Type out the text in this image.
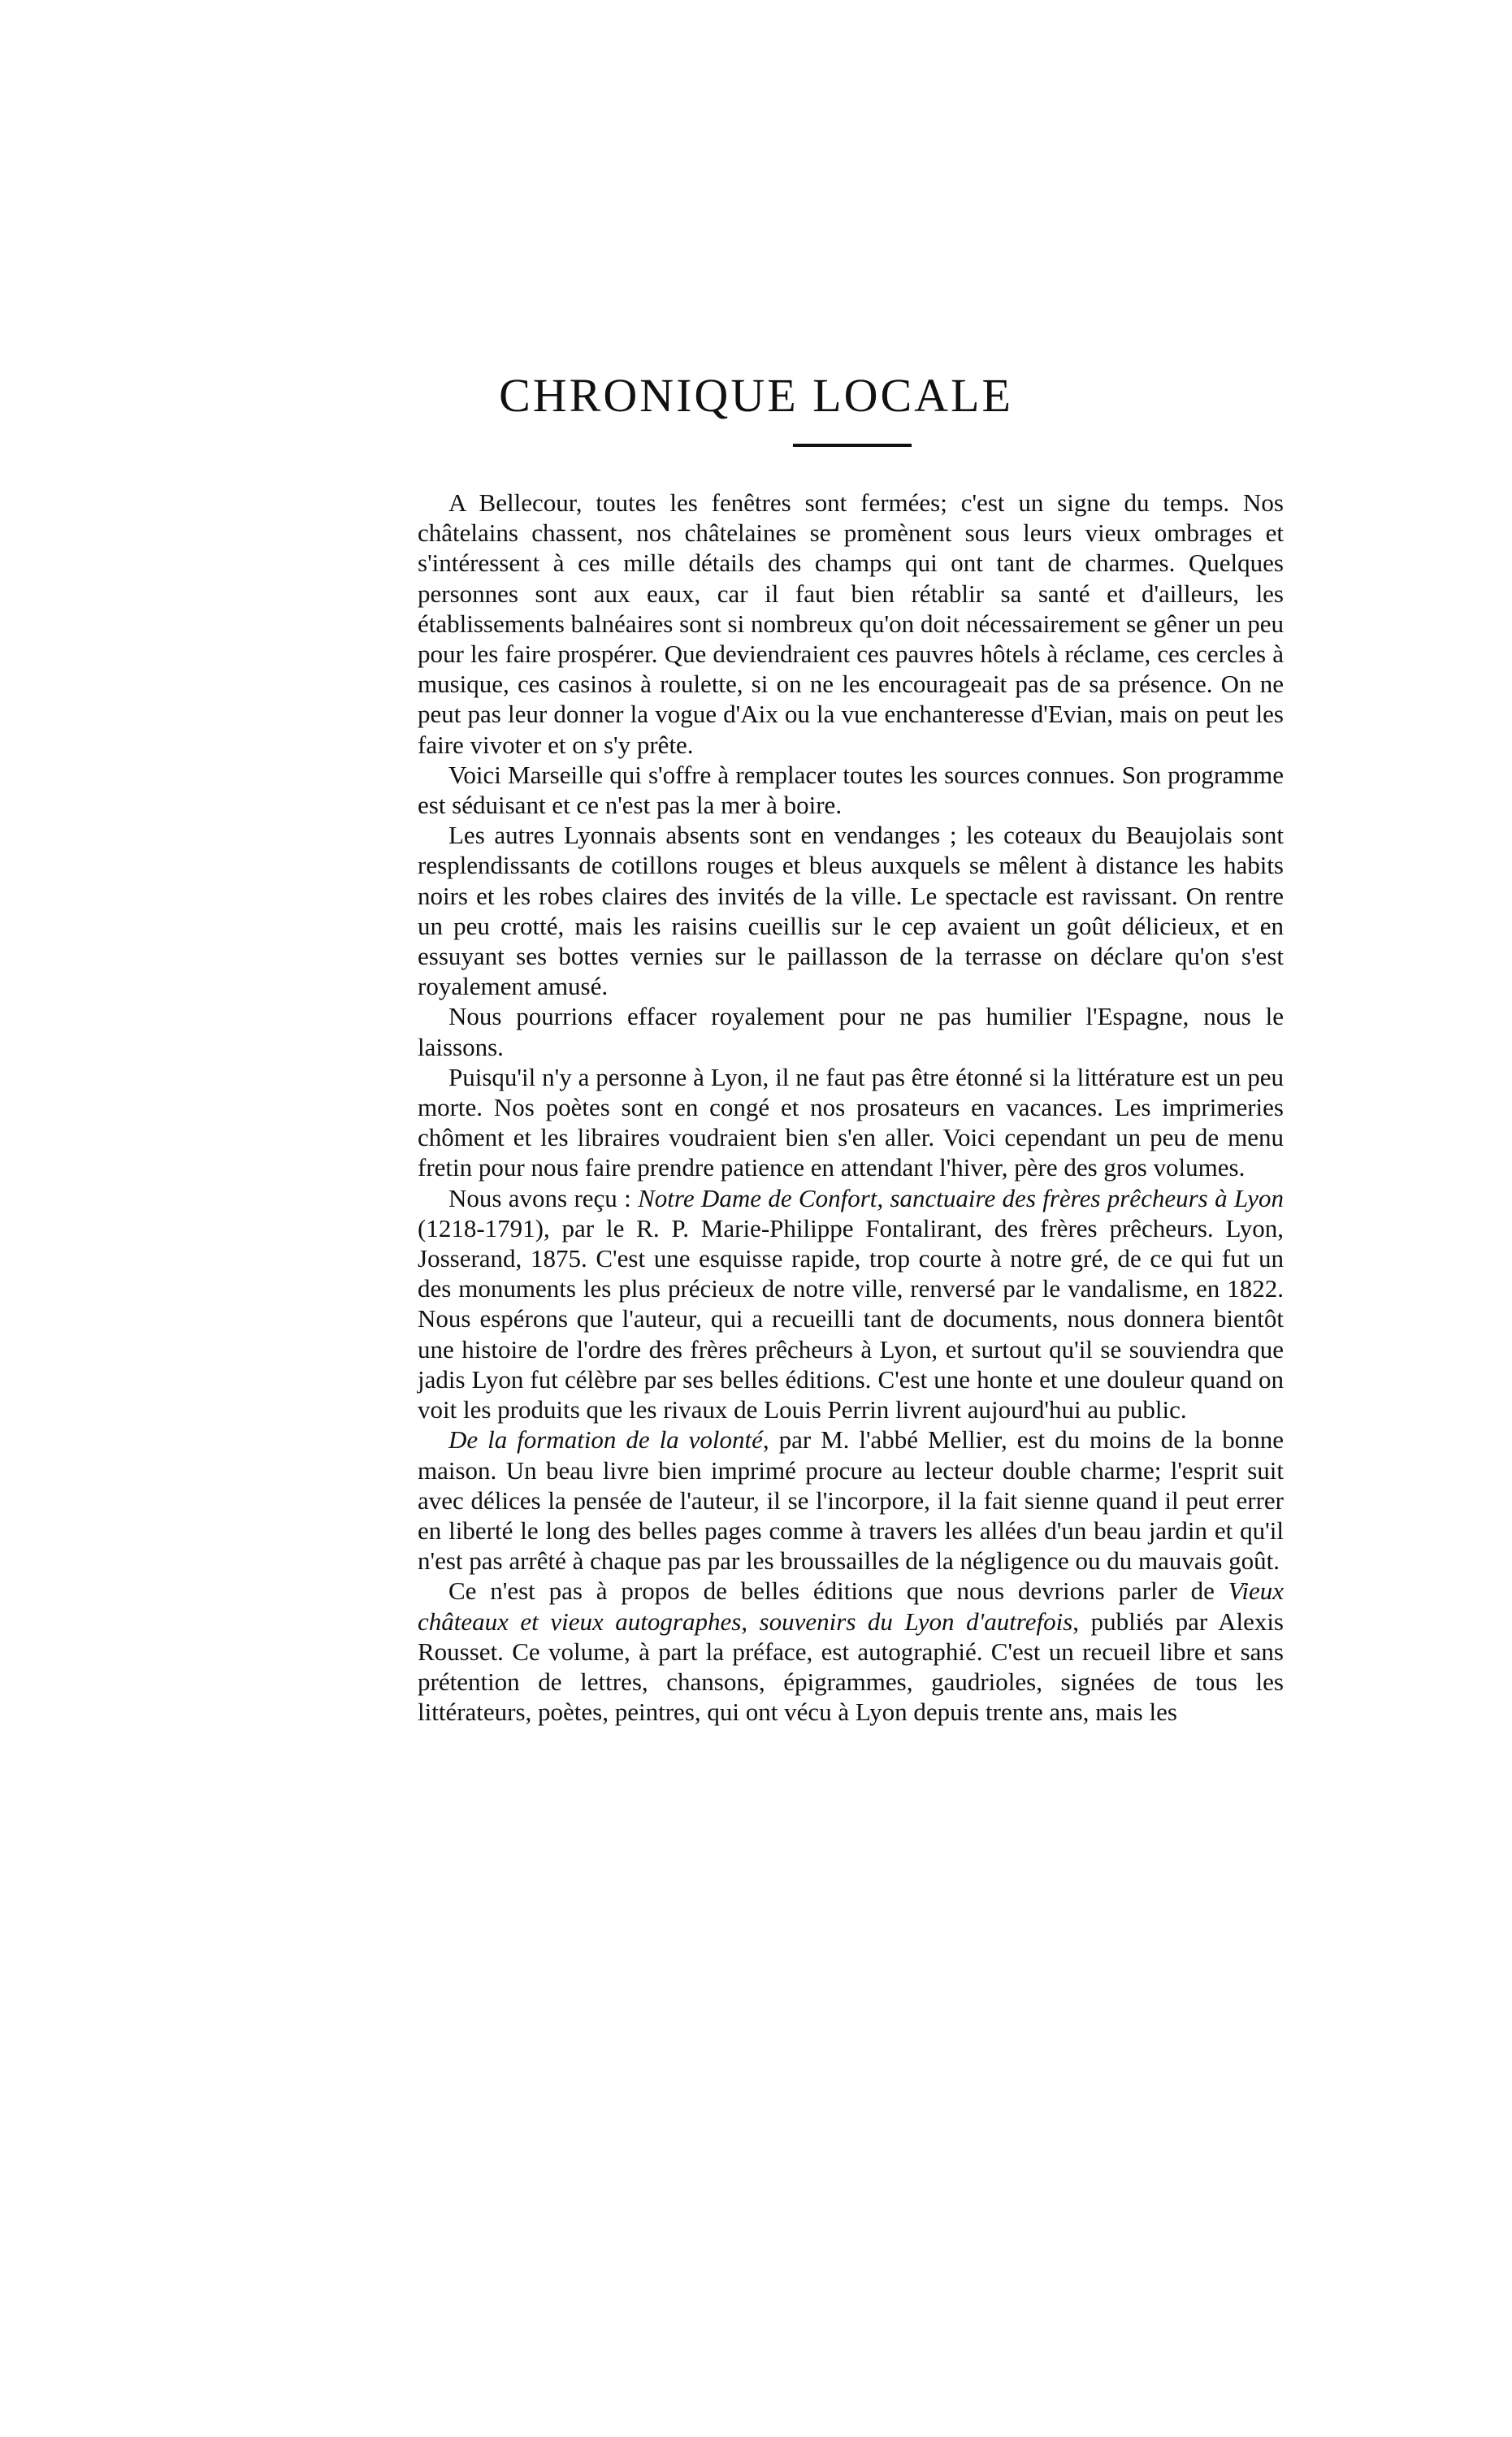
CHRONIQUE LOCALE

A Bellecour, toutes les fenêtres sont fermées; c'est un signe du temps. Nos châtelains chassent, nos châtelaines se promènent sous leurs vieux ombrages et s'intéressent à ces mille détails des champs qui ont tant de charmes. Quelques personnes sont aux eaux, car il faut bien rétablir sa santé et d'ailleurs, les établissements balnéaires sont si nombreux qu'on doit nécessairement se gêner un peu pour les faire prospérer. Que deviendraient ces pauvres hôtels à réclame, ces cercles à musique, ces casinos à roulette, si on ne les encourageait pas de sa présence. On ne peut pas leur donner la vogue d'Aix ou la vue enchanteresse d'Evian, mais on peut les faire vivoter et on s'y prête.

Voici Marseille qui s'offre à remplacer toutes les sources connues. Son programme est séduisant et ce n'est pas la mer à boire.

Les autres Lyonnais absents sont en vendanges ; les coteaux du Beaujolais sont resplendissants de cotillons rouges et bleus auxquels se mêlent à distance les habits noirs et les robes claires des invités de la ville. Le spectacle est ravissant. On rentre un peu crotté, mais les raisins cueillis sur le cep avaient un goût délicieux, et en essuyant ses bottes vernies sur le paillasson de la terrasse on déclare qu'on s'est royalement amusé.

Nous pourrions effacer royalement pour ne pas humilier l'Espagne, nous le laissons.

Puisqu'il n'y a personne à Lyon, il ne faut pas être étonné si la littérature est un peu morte. Nos poètes sont en congé et nos prosateurs en vacances. Les imprimeries chôment et les libraires voudraient bien s'en aller. Voici cependant un peu de menu fretin pour nous faire prendre patience en attendant l'hiver, père des gros volumes.

Nous avons reçu : Notre Dame de Confort, sanctuaire des frères prêcheurs à Lyon (1218-1791), par le R. P. Marie-Philippe Fontalirant, des frères prêcheurs. Lyon, Josserand, 1875. C'est une esquisse rapide, trop courte à notre gré, de ce qui fut un des monuments les plus précieux de notre ville, renversé par le vandalisme, en 1822. Nous espérons que l'auteur, qui a recueilli tant de documents, nous donnera bientôt une histoire de l'ordre des frères prêcheurs à Lyon, et surtout qu'il se souviendra que jadis Lyon fut célèbre par ses belles éditions. C'est une honte et une douleur quand on voit les produits que les rivaux de Louis Perrin livrent aujourd'hui au public.

De la formation de la volonté, par M. l'abbé Mellier, est du moins de la bonne maison. Un beau livre bien imprimé procure au lecteur double charme; l'esprit suit avec délices la pensée de l'auteur, il se l'incorpore, il la fait sienne quand il peut errer en liberté le long des belles pages comme à travers les allées d'un beau jardin et qu'il n'est pas arrêté à chaque pas par les broussailles de la négligence ou du mauvais goût.

Ce n'est pas à propos de belles éditions que nous devrions parler de Vieux châteaux et vieux autographes, souvenirs du Lyon d'autrefois, publiés par Alexis Rousset. Ce volume, à part la préface, est autographié. C'est un recueil libre et sans prétention de lettres, chansons, épigrammes, gaudrioles, signées de tous les littérateurs, poètes, peintres, qui ont vécu à Lyon depuis trente ans, mais les
